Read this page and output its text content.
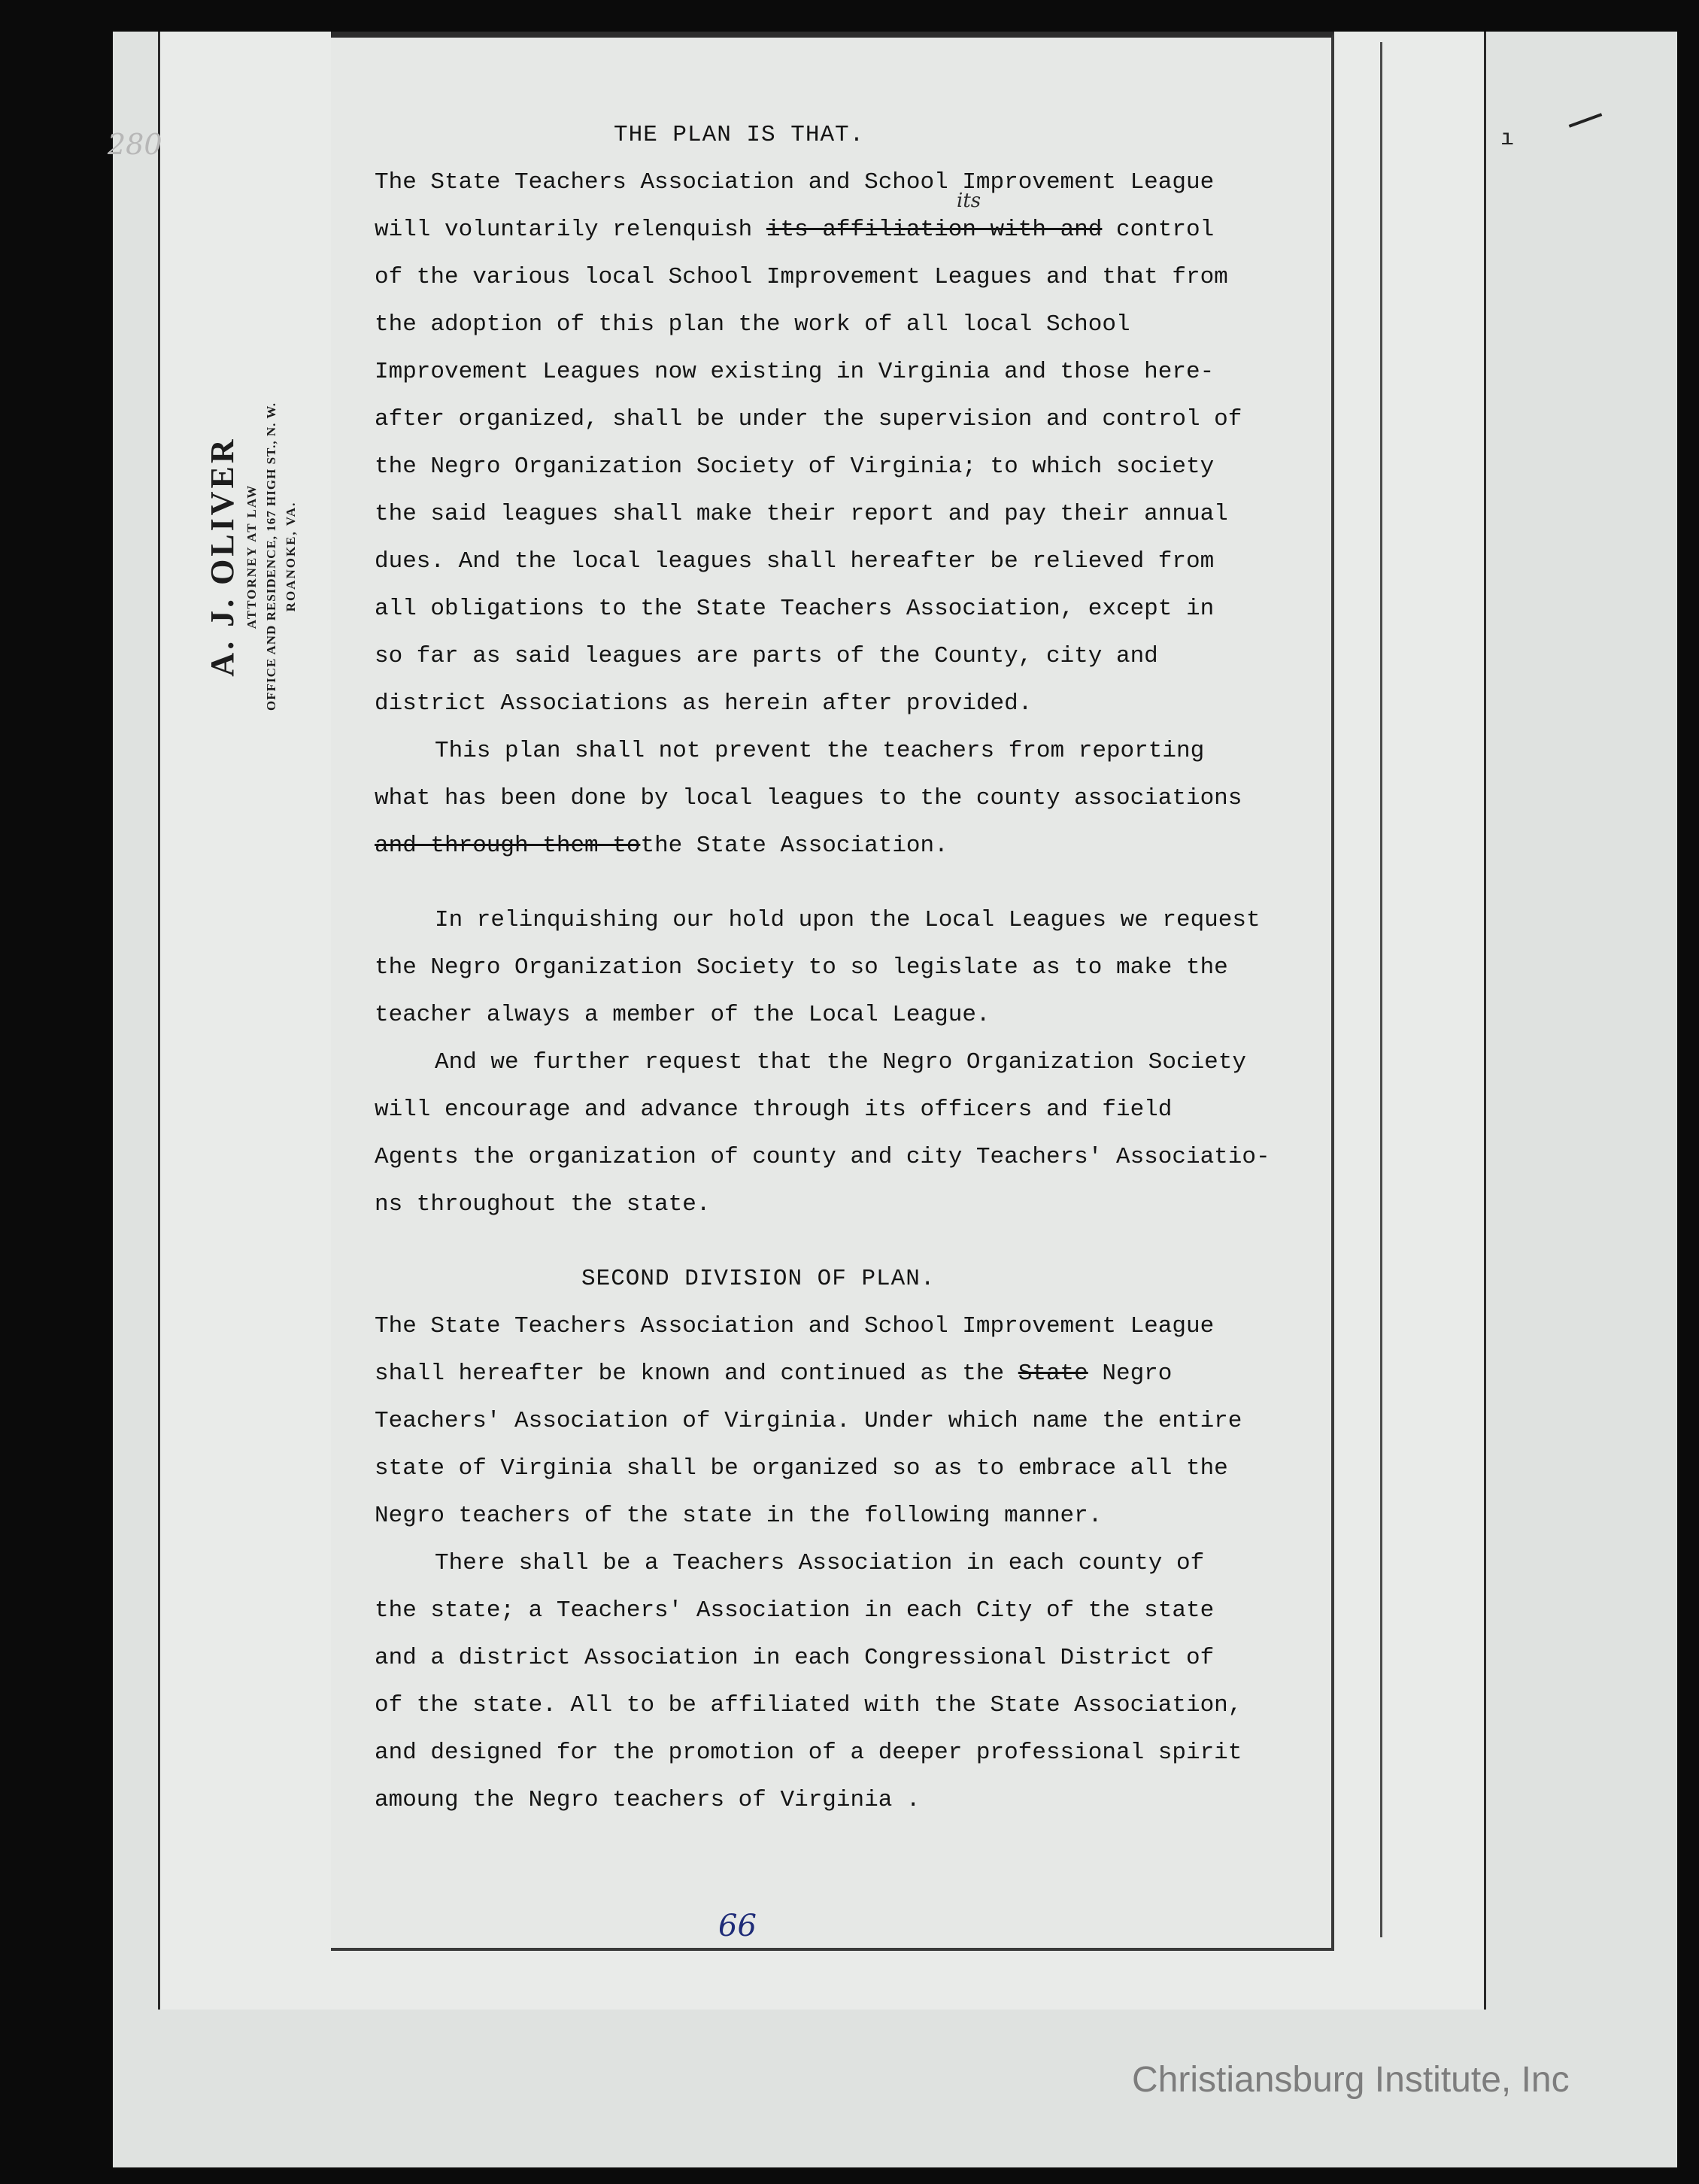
A. J. OLIVER ATTORNEY AT LAW OFFICE AND RESIDENCE, 167 HIGH ST., N. W. ROANOKE, VA.
280	ı
its

THE PLAN IS THAT.

The State Teachers Association and School Improvement League

will voluntarily relenquish its affiliation with and control

of the various local School Improvement Leagues and that from

the adoption of this plan the work of all local School

Improvement Leagues now existing in Virginia and those here-

after organized, shall be under the supervision and control of

the Negro Organization Society of Virginia; to which society

the said leagues shall make their report and pay their annual

dues. And the local leagues shall hereafter be relieved from

all obligations to the State Teachers Association, except in

so far as said leagues are parts of the County, city and

district Associations as herein after provided.

This plan shall not prevent the teachers from reporting

what has been done by local leagues to the county associations

and through them tothe State Association.

In relinquishing our hold upon the Local Leagues we request

the Negro Organization Society to so legislate as to make the

teacher always a member of the Local League.

And we further request that the Negro Organization Society

will encourage and advance through its officers and field

Agents the organization of county and city Teachers' Associatio-

ns throughout the state.

SECOND DIVISION OF PLAN.

The State Teachers Association and School Improvement League

shall hereafter be known and continued as the State Negro

Teachers' Association of Virginia. Under which name the entire

state of Virginia shall be organized so as to embrace all the

Negro teachers of the state in the following manner.

There shall be a Teachers Association in each county of

the state; a Teachers' Association in each City of the state

and a district Association in each Congressional District of

of the state. All to be affiliated with the State Association,

and designed for the promotion of a deeper professional spirit

amoung the Negro teachers of Virginia .

66
Christiansburg Institute, Inc
